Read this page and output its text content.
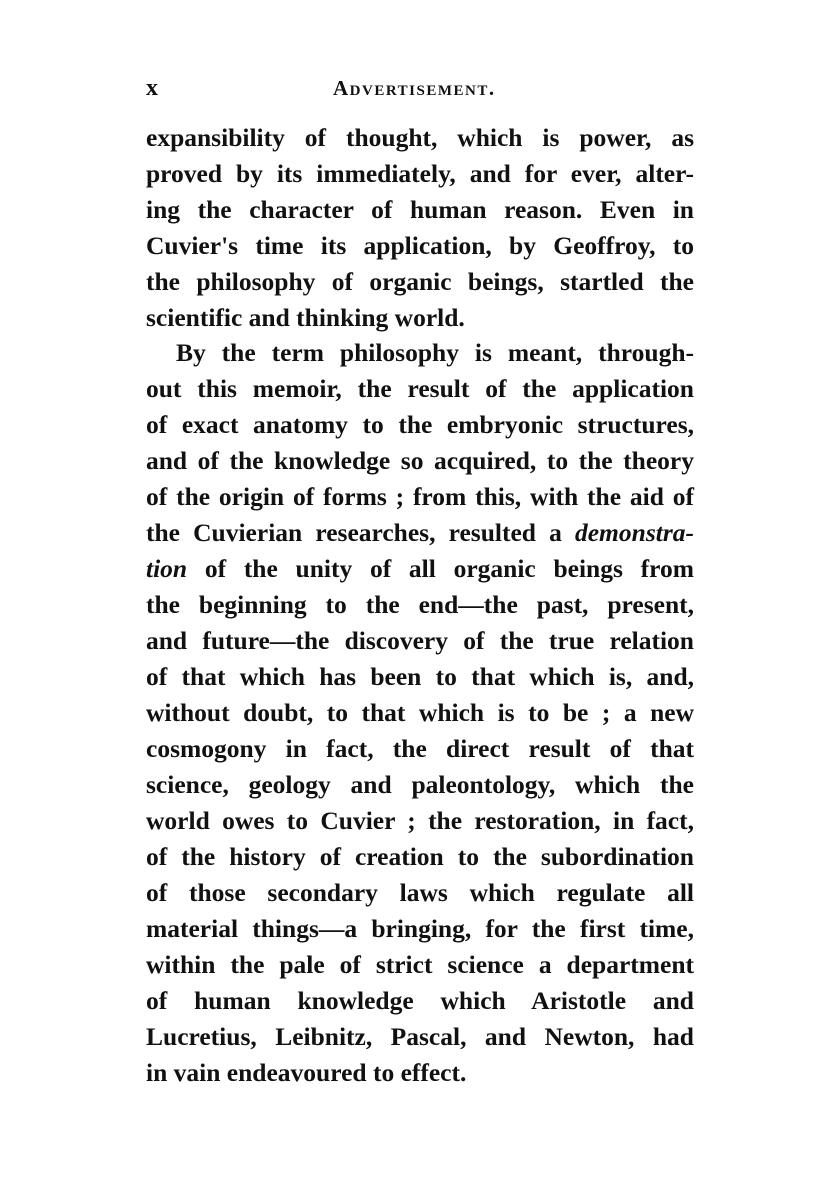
x	Advertisement.
expansibility of thought, which is power, as
proved by its immediately, and for ever, alter-
ing the character of human reason. Even in
Cuvier's time its application, by Geoffroy, to
the philosophy of organic beings, startled the
scientific and thinking world.
By the term philosophy is meant, through-
out this memoir, the result of the application
of exact anatomy to the embryonic structures,
and of the knowledge so acquired, to the theory
of the origin of forms ; from this, with the aid of
the Cuvierian researches, resulted a demonstra-
tion of the unity of all organic beings from
the beginning to the end—the past, present,
and future—the discovery of the true relation
of that which has been to that which is, and,
without doubt, to that which is to be ; a new
cosmogony in fact, the direct result of that
science, geology and paleontology, which the
world owes to Cuvier ; the restoration, in fact,
of the history of creation to the subordination
of those secondary laws which regulate all
material things—a bringing, for the first time,
within the pale of strict science a department
of human knowledge which Aristotle and
Lucretius, Leibnitz, Pascal, and Newton, had
in vain endeavoured to effect.
